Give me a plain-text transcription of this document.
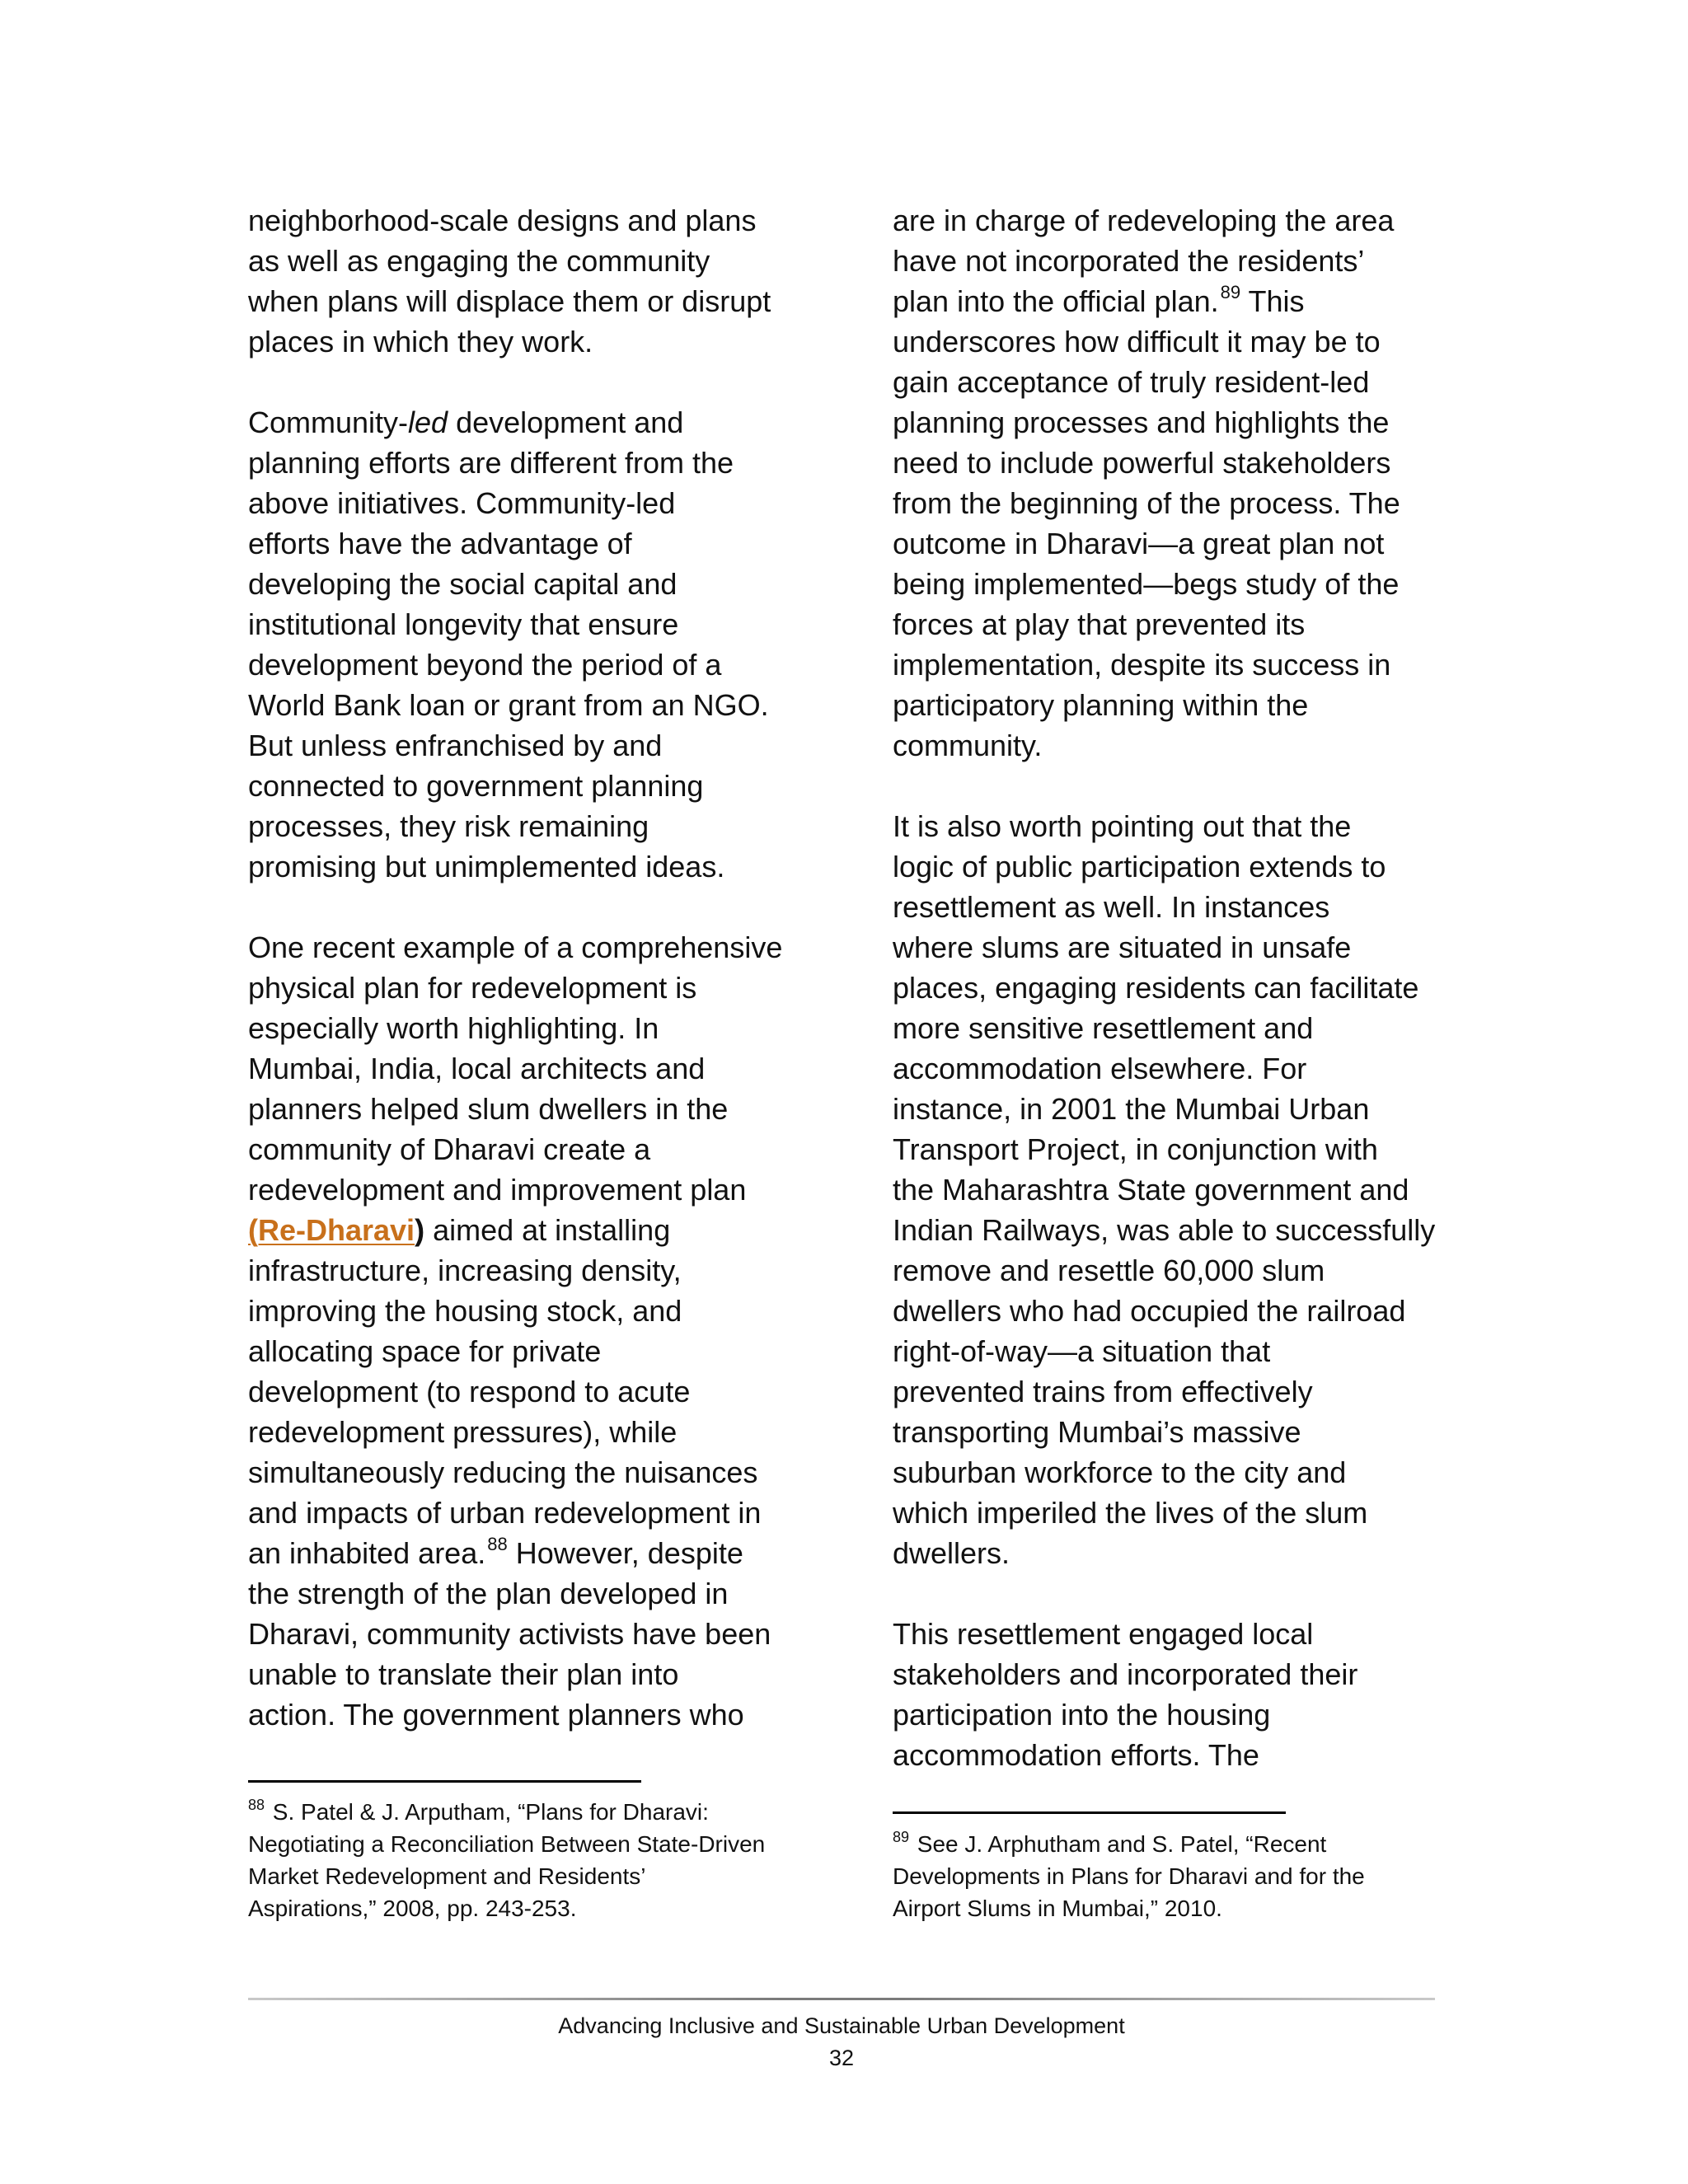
neighborhood-scale designs and plans
as well as engaging the community
when plans will displace them or disrupt
places in which they work.

Community-led development and
planning efforts are different from the
above initiatives. Community-led
efforts have the advantage of
developing the social capital and
institutional longevity that ensure
development beyond the period of a
World Bank loan or grant from an NGO.
But unless enfranchised by and
connected to government planning
processes, they risk remaining
promising but unimplemented ideas.

One recent example of a comprehensive
physical plan for redevelopment is
especially worth highlighting. In
Mumbai, India, local architects and
planners helped slum dwellers in the
community of Dharavi create a
redevelopment and improvement plan
(Re-Dharavi) aimed at installing
infrastructure, increasing density,
improving the housing stock, and
allocating space for private
development (to respond to acute
redevelopment pressures), while
simultaneously reducing the nuisances
and impacts of urban redevelopment in
an inhabited area.$^{88}$ However, despite
the strength of the plan developed in
Dharavi, community activists have been
unable to translate their plan into
action. The government planners who

are in charge of redeveloping the area
have not incorporated the residents’
plan into the official plan.$^{89}$ This
underscores how difficult it may be to
gain acceptance of truly resident-led
planning processes and highlights the
need to include powerful stakeholders
from the beginning of the process. The
outcome in Dharavi—a great plan not
being implemented—begs study of the
forces at play that prevented its
implementation, despite its success in
participatory planning within the
community.

It is also worth pointing out that the
logic of public participation extends to
resettlement as well. In instances
where slums are situated in unsafe
places, engaging residents can facilitate
more sensitive resettlement and
accommodation elsewhere. For
instance, in 2001 the Mumbai Urban
Transport Project, in conjunction with
the Maharashtra State government and
Indian Railways, was able to successfully
remove and resettle 60,000 slum
dwellers who had occupied the railroad
right-of-way—a situation that
prevented trains from effectively
transporting Mumbai’s massive
suburban workforce to the city and
which imperiled the lives of the slum
dwellers.

This resettlement engaged local
stakeholders and incorporated their
participation into the housing
accommodation efforts. The

$^{88}$ S. Patel & J. Arputham, “Plans for Dharavi:
Negotiating a Reconciliation Between State-Driven
Market Redevelopment and Residents’
Aspirations,” 2008, pp. 243-253.
$^{89}$ See J. Arphutham and S. Patel, “Recent
Developments in Plans for Dharavi and for the
Airport Slums in Mumbai,” 2010.
Advancing Inclusive and Sustainable Urban Development
32
